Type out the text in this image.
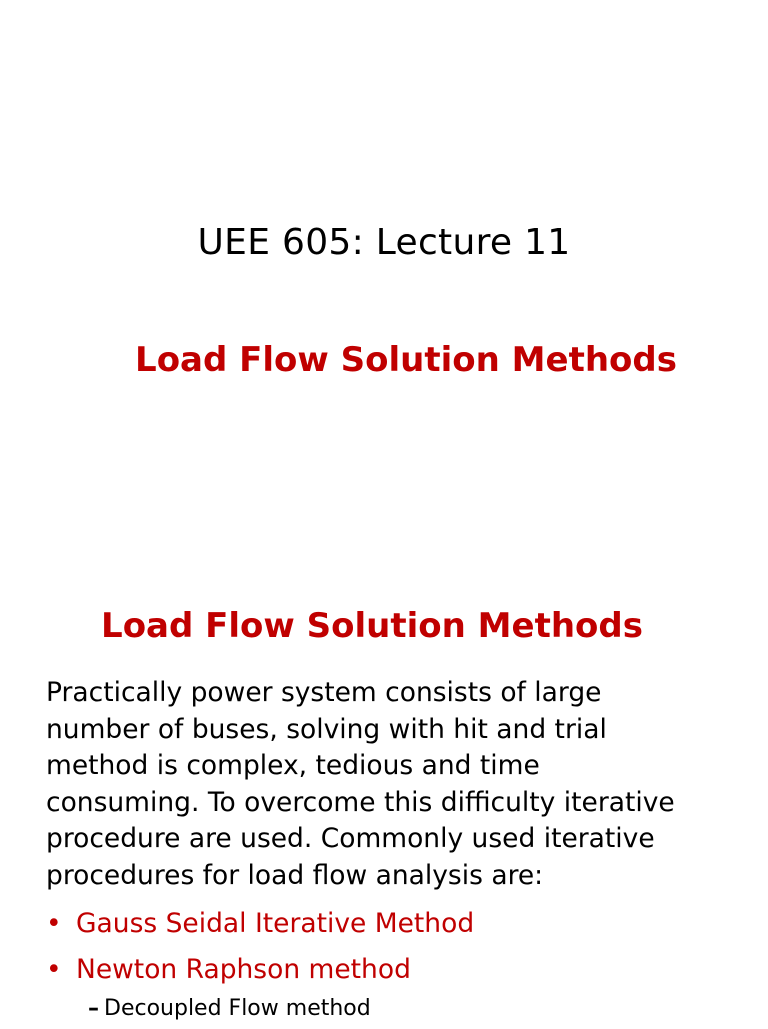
UEE 605: Lecture 11
Load Flow Solution Methods
Load Flow Solution Methods
Practically power system consists of large
number of buses, solving with hit and trial
method is complex, tedious and time
consuming. To overcome this difficulty iterative
procedure are used. Commonly used iterative
procedures for load flow analysis are:
• Gauss Seidal Iterative Method
• Newton Raphson method
– Decoupled Flow method
